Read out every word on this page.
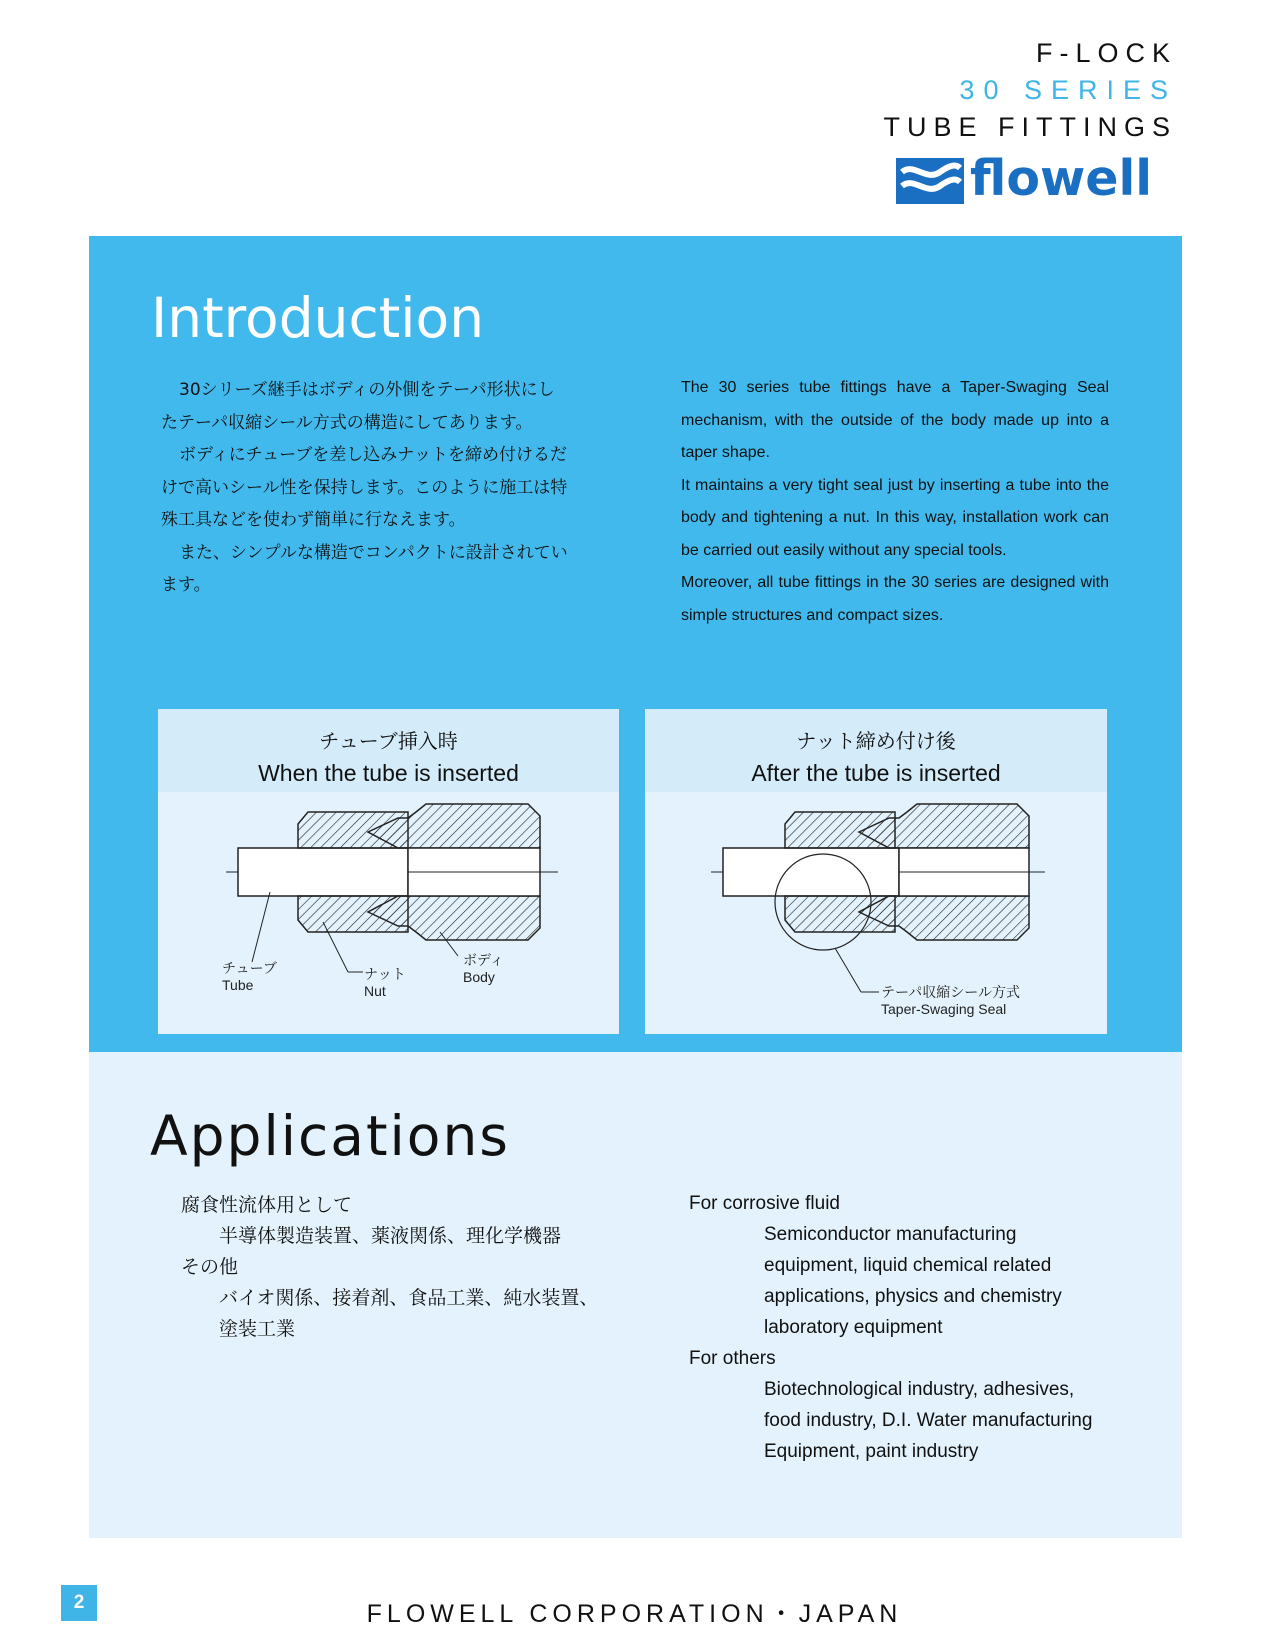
F-LOCK
30 SERIES
TUBE FITTINGS
flowell
Introduction

30シリーズ継手はボディの外側をテーパ形状にし

たテーパ収縮シール方式の構造にしてあります。

ボディにチューブを差し込みナットを締め付けるだ

けで高いシール性を保持します。このように施工は特

殊工具などを使わず簡単に行なえます。

また、シンプルな構造でコンパクトに設計されてい

ます。

The 30 series tube fittings have a Taper-Swaging Seal mechanism, with the outside of the body made up into a taper shape.

It maintains a very tight seal just by inserting a tube into the body and tightening a nut. In this way, installation work can be carried out easily without any special tools.

Moreover, all tube fittings in the 30 series are designed with simple structures and compact sizes.

チューブ挿入時
When the tube is inserted
チューブ
Tube
ナット
Nut
ボディ
Body
ナット締め付け後
After the tube is inserted
テーパ収縮シール方式
Taper-Swaging Seal
Applications

腐食性流体用として

半導体製造装置、薬液関係、理化学機器

その他

バイオ関係、接着剤、食品工業、純水装置、

塗装工業

For corrosive fluid

Semiconductor manufacturing

equipment, liquid chemical related

applications, physics and chemistry

laboratory equipment

For others

Biotechnological industry, adhesives,

food industry, D.I. Water manufacturing

Equipment, paint industry

2	FLOWELL CORPORATION・JAPAN
